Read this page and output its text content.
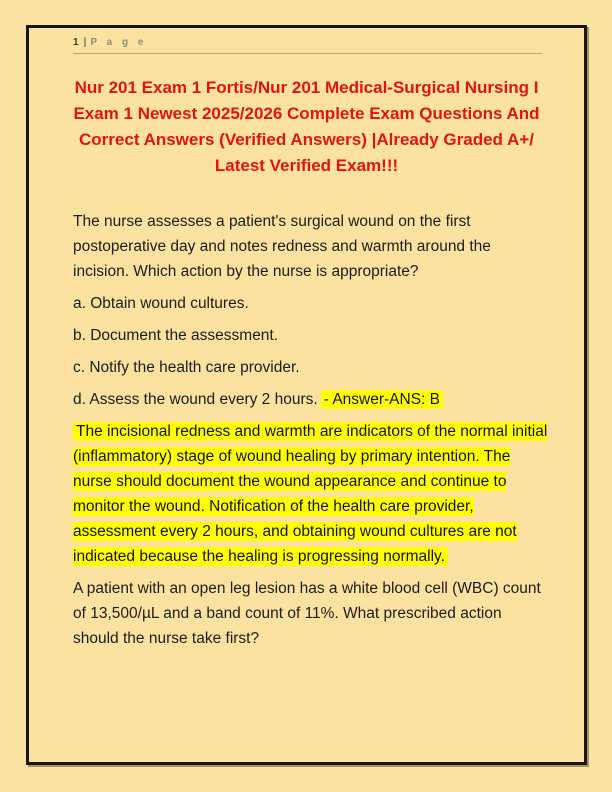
1 | P a g e
Nur 201 Exam 1 Fortis/Nur 201 Medical-Surgical Nursing I Exam 1 Newest 2025/2026 Complete Exam Questions And Correct Answers (Verified Answers) |Already Graded A+/ Latest Verified Exam!!!

The nurse assesses a patient's surgical wound on the first postoperative day and notes redness and warmth around the incision. Which action by the nurse is appropriate?

a. Obtain wound cultures.

b. Document the assessment.

c. Notify the health care provider.

d. Assess the wound every 2 hours. - Answer-ANS: B

The incisional redness and warmth are indicators of the normal initial (inflammatory) stage of wound healing by primary intention. The nurse should document the wound appearance and continue to monitor the wound. Notification of the health care provider, assessment every 2 hours, and obtaining wound cultures are not indicated because the healing is progressing normally.

A patient with an open leg lesion has a white blood cell (WBC) count of 13,500/µL and a band count of 11%. What prescribed action should the nurse take first?
